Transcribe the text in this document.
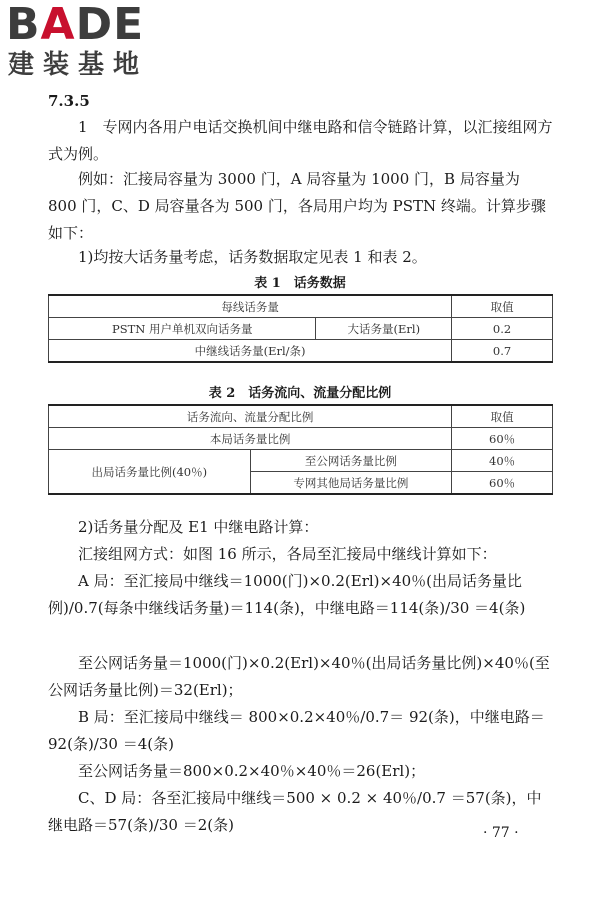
BADE
建装基地
7.3.5
1　专网内各用户电话交换机间中继电路和信令链路计算，以汇接组网方式为例。
例如：汇接局容量为 3000 门，A 局容量为 1000 门，B 局容量为 800 门，C、D 局容量各为 500 门，各局用户均为 PSTN 终端。计算步骤如下：
1)均按大话务量考虑，话务数据取定见表 1 和表 2。
表 1　话务数据
每线话务量		取值
PSTN 用户单机双向话务量	大话务量(Erl)	0.2
中继线话务量(Erl/条)		0.7
表 2　话务流向、流量分配比例
话务流向、流量分配比例		取值
本局话务量比例		60％
出局话务量比例(40％)	至公网话务量比例	40％
	专网其他局话务量比例	60％
2)话务量分配及 E1 中继电路计算：
汇接组网方式：如图 16 所示，各局至汇接局中继线计算如下：
A 局：至汇接局中继线＝1000(门)×0.2(Erl)×40％(出局话务量比例)/0.7(每条中继线话务量)＝114(条)，中继电路＝114(条)/30 ＝4(条)
至公网话务量＝1000(门)×0.2(Erl)×40％(出局话务量比例)×40％(至公网话务量比例)＝32(Erl)；
B 局：至汇接局中继线＝ 800×0.2×40％/0.7＝ 92(条)，中继电路＝92(条)/30 ＝4(条)
至公网话务量＝800×0.2×40％×40％＝26(Erl)；
C、D 局：各至汇接局中继线＝500 × 0.2 × 40％/0.7 ＝57(条)，中继电路＝57(条)/30 ＝2(条)	· 77 ·
